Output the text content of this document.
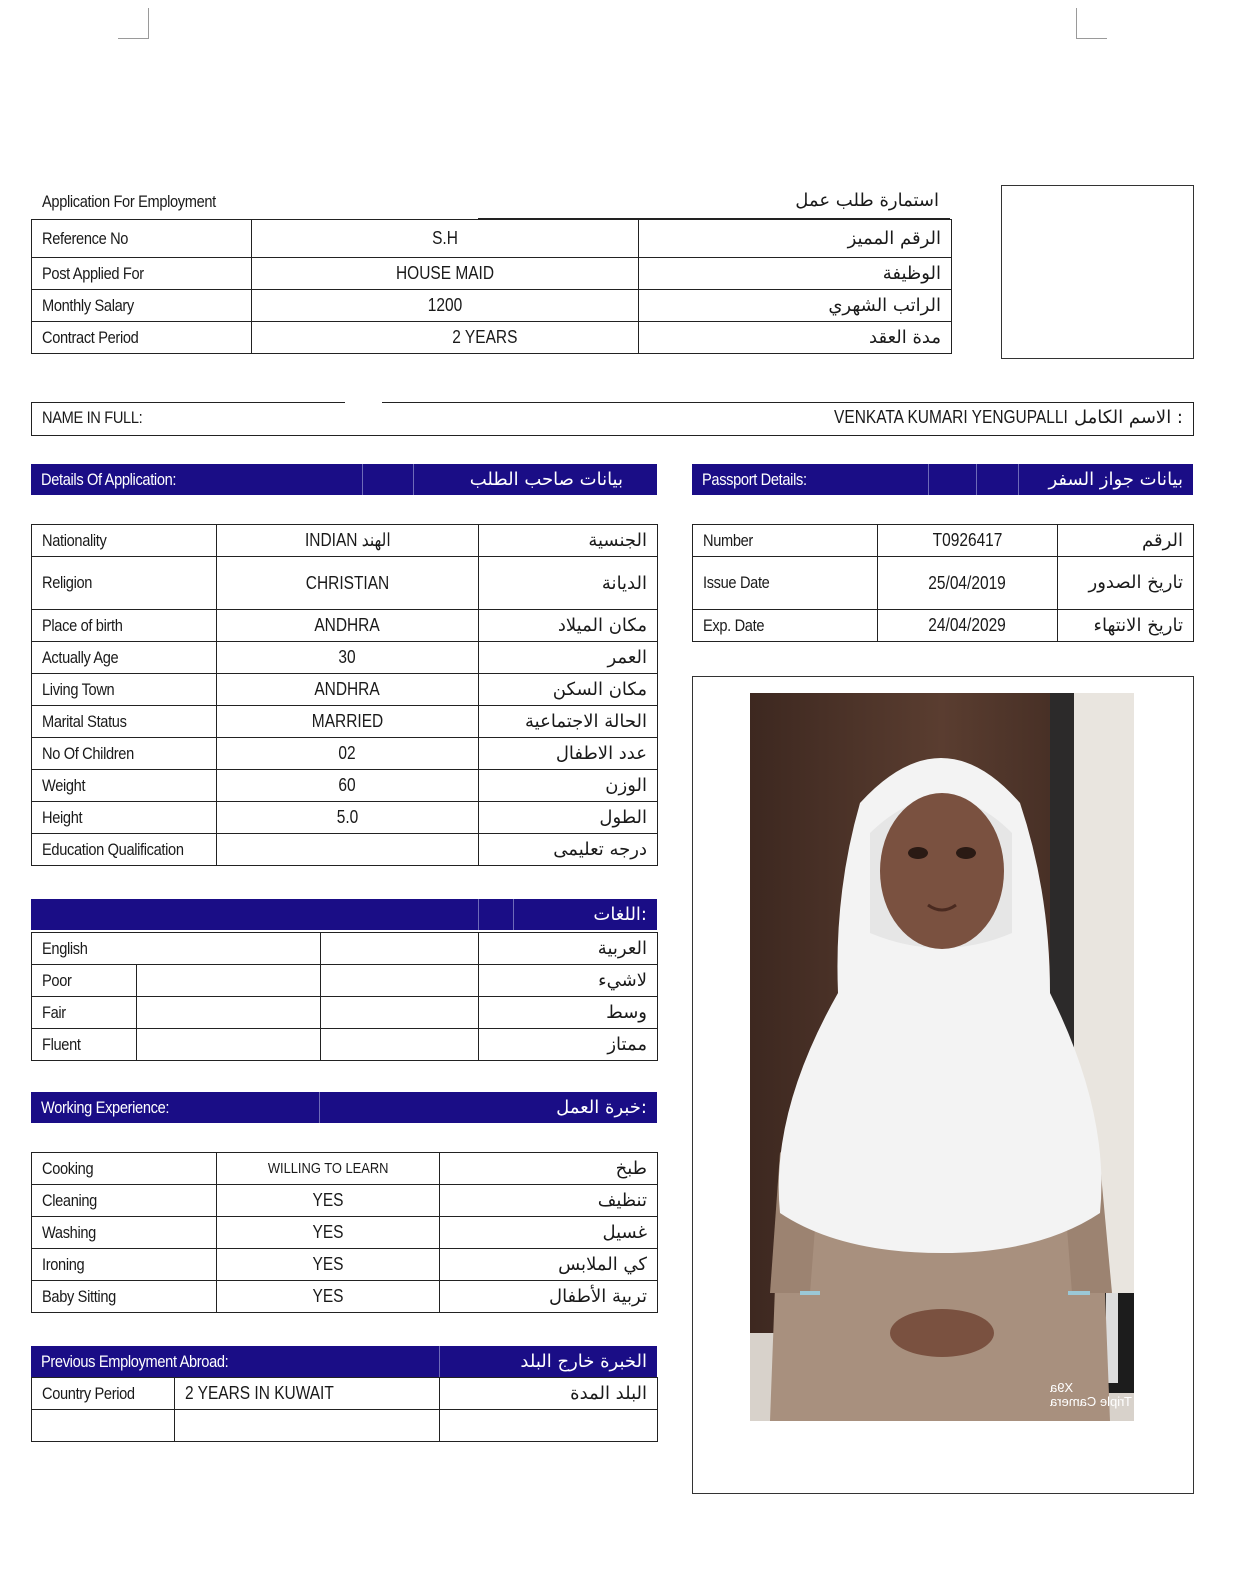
Application For Employment	استمارة طلب عمل
Reference No	S.H	الرقم المميز
Post Applied For	HOUSE MAID	الوظيفة
Monthly Salary	1200	الراتب الشهري
Contract Period	2 YEARS	مدة العقد
NAME IN FULL:	VENKATA KUMARI YENGUPALLI : الاسم الكامل
Details Of Application:	بيانات صاحب الطلب	Passport Details:	بيانات جواز السفر
Nationality	INDIAN الهند	الجنسية
Religion	CHRISTIAN	الديانة
Place of birth	ANDHRA	مكان الميلاد
Actually Age	30	العمر
Living Town	ANDHRA	مكان السكن
Marital Status	MARRIED	الحالة الاجتماعية
No Of Children	02	عدد الاطفال
Weight	60	الوزن
Height	5.0	الطول
Education Qualification		درجه تعليمى
Number	T0926417	الرقم
Issue Date	25/04/2019	تاريخ الصدور

Exp. Date	24/04/2029	تاريخ الانتهاء
X9a
Triple Camera
:اللغات
English			العربية
Poor			لاشيء
Fair			وسط
Fluent			ممتاز
Working Experience:	:خبرة العمل
Cooking	WILLING TO LEARN	طبخ
Cleaning	YES	تنظيف
Washing	YES	غسيل
Ironing	YES	كي الملابس
Baby Sitting	YES	تربية الأطفال
Previous Employment Abroad:	الخبرة خارج البلد
Country Period	2 YEARS IN KUWAIT	البلد المدة
